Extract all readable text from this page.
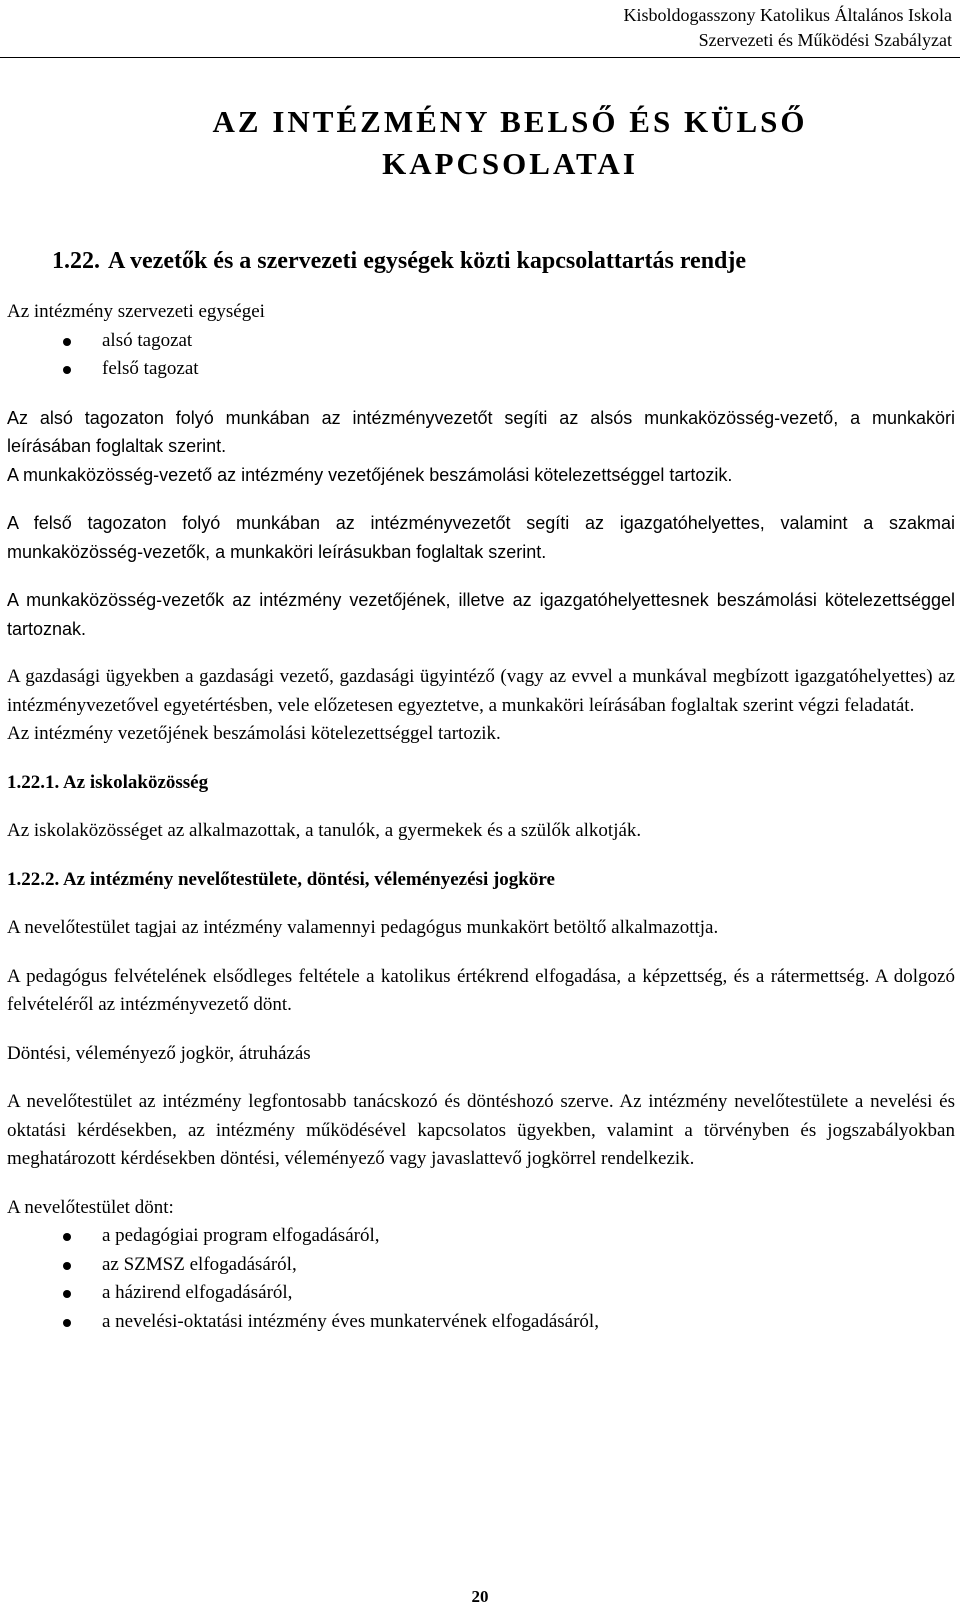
Kisboldogasszony Katolikus Általános Iskola
Szervezeti és Működési Szabályzat
AZ INTÉZMÉNY BELSŐ ÉS KÜLSŐ
KAPCSOLATAI
1.22. A vezetők és a szervezeti egységek közti kapcsolattartás rendje

Az intézmény szervezeti egységei

alsó tagozat
felső tagozat

Az alsó tagozaton folyó munkában az intézményvezetőt segíti az alsós munkaközösség-vezető, a munkaköri leírásában foglaltak szerint.

A munkaközösség-vezető az intézmény vezetőjének beszámolási kötelezettséggel tartozik.

A felső tagozaton folyó munkában az intézményvezetőt segíti az igazgatóhelyettes, valamint a szakmai munkaközösség-vezetők, a munkaköri leírásukban foglaltak szerint.

A munkaközösség-vezetők az intézmény vezetőjének, illetve az igazgatóhelyettesnek beszámolási kötelezettséggel tartoznak.

A gazdasági ügyekben a gazdasági vezető, gazdasági ügyintéző (vagy az evvel a munkával megbízott igazgatóhelyettes) az intézményvezetővel egyetértésben, vele előzetesen egyeztetve, a munkaköri leírásában foglaltak szerint végzi feladatát.

Az intézmény vezetőjének beszámolási kötelezettséggel tartozik.

1.22.1. Az iskolaközösség

Az iskolaközösséget az alkalmazottak, a tanulók, a gyermekek és a szülők alkotják.

1.22.2. Az intézmény nevelőtestülete, döntési, véleményezési jogköre

A nevelőtestület tagjai az intézmény valamennyi pedagógus munkakört betöltő alkalmazottja.

A pedagógus felvételének elsődleges feltétele a katolikus értékrend elfogadása, a képzettség, és a rátermettség. A dolgozó felvételéről az intézményvezető dönt.

Döntési, véleményező jogkör, átruházás

A nevelőtestület az intézmény legfontosabb tanácskozó és döntéshozó szerve. Az intézmény nevelőtestülete a nevelési és oktatási kérdésekben, az intézmény működésével kapcsolatos ügyekben, valamint a törvényben és jogszabályokban meghatározott kérdésekben döntési, véleményező vagy javaslattevő jogkörrel rendelkezik.

A nevelőtestület dönt:

a pedagógiai program elfogadásáról,
az SZMSZ elfogadásáról,
a házirend elfogadásáról,
a nevelési-oktatási intézmény éves munkatervének elfogadásáról,
20
